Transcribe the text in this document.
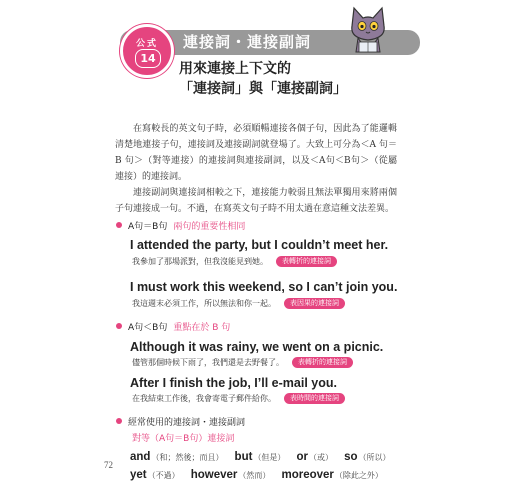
連接詞・連接副詞
公式
14
用來連接上下文的
「連接詞」與「連接副詞」
在寫較長的英文句子時，必須順暢連接各個子句，因此為了能邏輯清楚地連接子句，連接詞及連接副詞就登場了。大致上可分為＜A 句＝B 句＞（對等連接）的連接詞與連接副詞，以及＜A句＜B句＞（從屬連接）的連接詞。
連接副詞與連接詞相較之下，連接能力較弱且無法單獨用來將兩個子句連接成一句。不過，在寫英文句子時不用太過在意這種文法差異。
A句＝B句 兩句的重要性相同
I attended the party, but I couldn’t meet her.
我參加了那場派對，但我沒能見到她。 表轉折的連接詞
I must work this weekend, so I can’t join you.
我這週末必須工作，所以無法和你一起。 表因果的連接詞
A句＜B句 重點在於 B 句
Although it was rainy, we went on a picnic.
儘管那個時候下雨了，我們還是去野餐了。 表轉折的連接詞
After I finish the job, I’ll e-mail you.
在我結束工作後，我會寄電子郵件給你。 表時間的連接詞
經常使用的連接詞・連接副詞
對等（A句＝B句）連接詞
and（和；然後；而且） but（但是） or（或） so（所以）
yet（不過） however（然而） moreover（除此之外）
72
